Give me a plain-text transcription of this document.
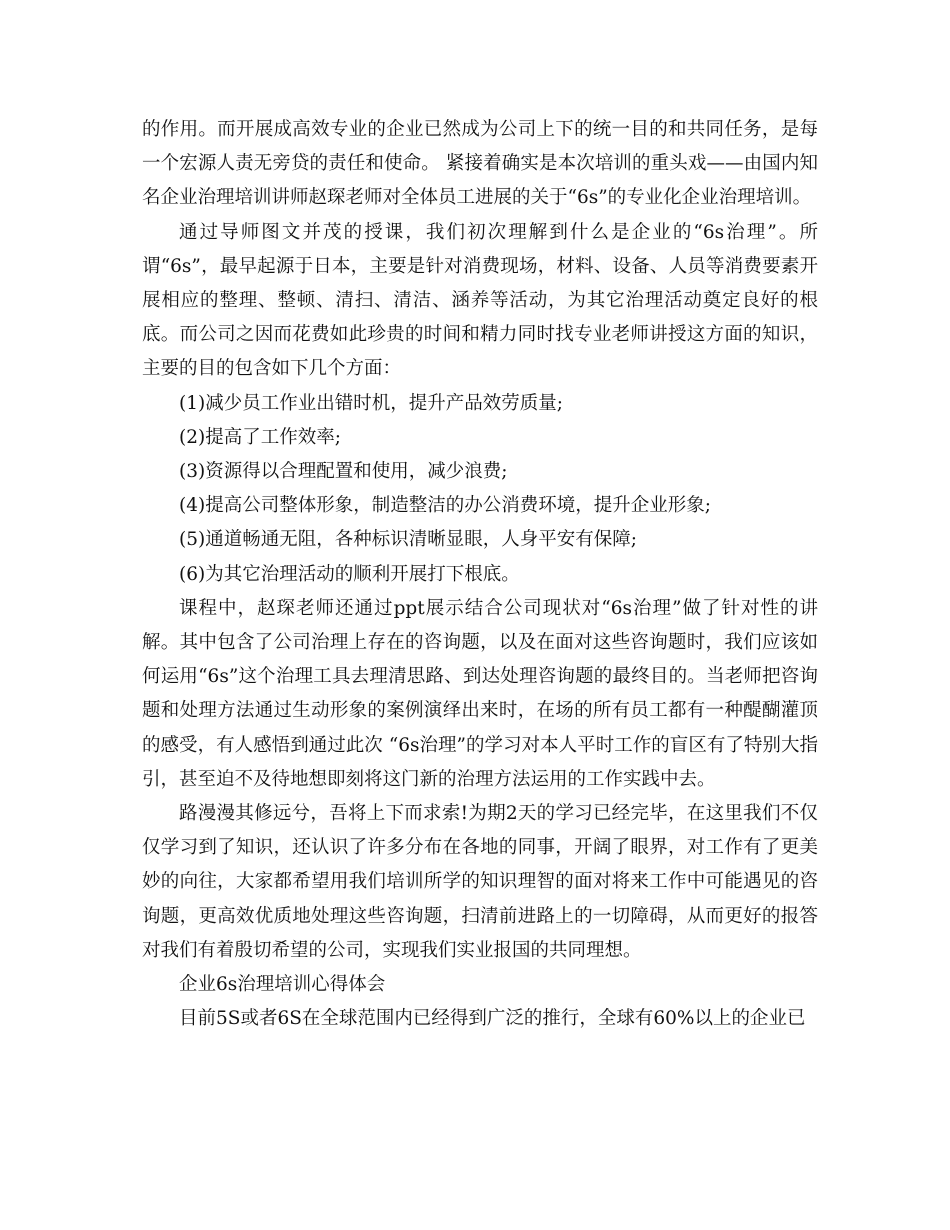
的作用。而开展成高效专业的企业已然成为公司上下的统一目的和共同任务，是每一个宏源人责无旁贷的责任和使命。 紧接着确实是本次培训的重头戏——由国内知名企业治理培训讲师赵琛老师对全体员工进展的关于“6s”的专业化企业治理培训。

通过导师图文并茂的授课，我们初次理解到什么是企业的“6s治理”。所谓“6s”，最早起源于日本，主要是针对消费现场，材料、设备、人员等消费要素开展相应的整理、整顿、清扫、清洁、涵养等活动，为其它治理活动奠定良好的根底。而公司之因而花费如此珍贵的时间和精力同时找专业老师讲授这方面的知识，主要的目的包含如下几个方面：

(1)减少员工作业出错时机，提升产品效劳质量;

(2)提高了工作效率;

(3)资源得以合理配置和使用，减少浪费;

(4)提高公司整体形象，制造整洁的办公消费环境，提升企业形象;

(5)通道畅通无阻，各种标识清晰显眼，人身平安有保障;

(6)为其它治理活动的顺利开展打下根底。

课程中，赵琛老师还通过ppt展示结合公司现状对“6s治理”做了针对性的讲解。其中包含了公司治理上存在的咨询题，以及在面对这些咨询题时，我们应该如何运用“6s”这个治理工具去理清思路、到达处理咨询题的最终目的。当老师把咨询题和处理方法通过生动形象的案例演绎出来时，在场的所有员工都有一种醍醐灌顶的感受，有人感悟到通过此次 “6s治理”的学习对本人平时工作的盲区有了特别大指引，甚至迫不及待地想即刻将这门新的治理方法运用的工作实践中去。

路漫漫其修远兮，吾将上下而求索!为期2天的学习已经完毕，在这里我们不仅仅学习到了知识，还认识了许多分布在各地的同事，开阔了眼界，对工作有了更美妙的向往，大家都希望用我们培训所学的知识理智的面对将来工作中可能遇见的咨询题，更高效优质地处理这些咨询题，扫清前进路上的一切障碍，从而更好的报答对我们有着殷切希望的公司，实现我们实业报国的共同理想。

企业6s治理培训心得体会

目前5S或者6S在全球范围内已经得到广泛的推行，全球有60%以上的企业已
